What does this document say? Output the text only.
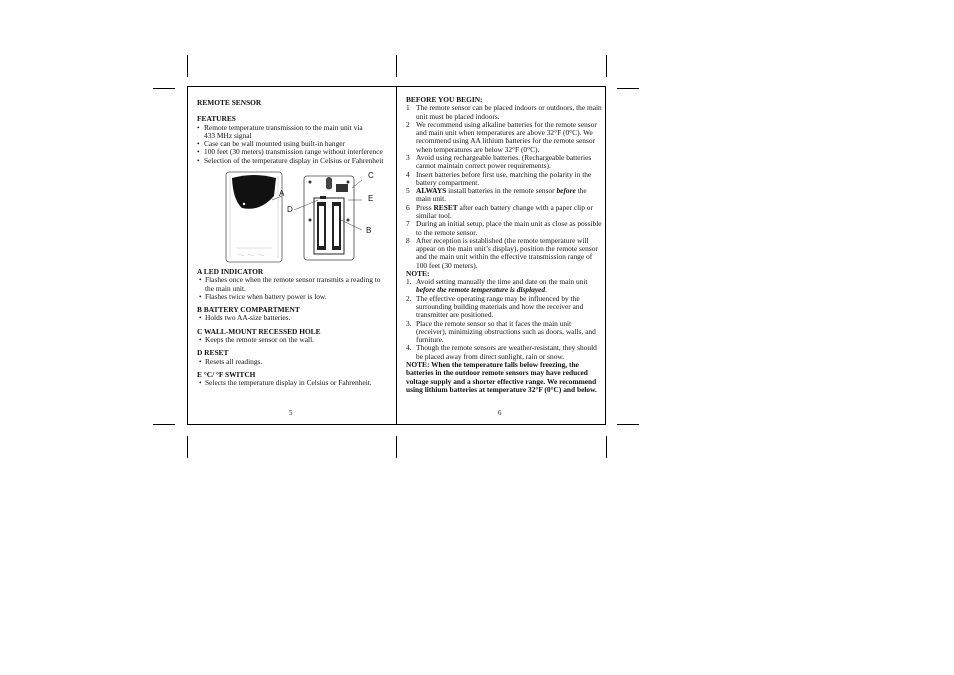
REMOTE SENSOR

FEATURES

• Remote temperature transmission to the main unit via 433 MHz signal
• Case can be wall mounted using built-in hanger
• 100 feet (30 meters) transmission range without interference
• Selection of the temperature display in Celsius or Fahrenheit
A
C
E
D
B

A LED INDICATOR

• Flashes once when the remote sensor transmits a reading to the main unit.
• Flashes twice when battery power is low.

B BATTERY COMPARTMENT

• Holds two AA-size batteries.

C WALL-MOUNT RECESSED HOLE

• Keeps the remote sensor on the wall.

D RESET

• Resets all readings.

E °C/ °F SWITCH

• Selects the temperature display in Celsius or Fahrenheit.
5

BEFORE YOU BEGIN:

1 The remote sensor can be placed indoors or outdoors, the main unit must be placed indoors.
2 We recommend using alkaline batteries for the remote sensor and main unit when temperatures are above 32°F (0°C). We recommend using AA lithium batteries for the remote sensor when temperatures are below 32°F (0°C).
3 Avoid using rechargeable batteries. (Rechargeable batteries cannot maintain correct power requirements).
4 Insert batteries before first use, matching the polarity in the battery compartment.
5 ALWAYS install batteries in the remote sensor before the main unit.
6 Press RESET after each battery change with a paper clip or similar tool.
7 During an initial setup, place the main unit as close as possible to the remote sensor.
8 After reception is established (the remote temperature will appear on the main unit’s display), position the remote sensor and the main unit within the effective transmission range of 100 feet (30 meters).

NOTE:

1. Avoid setting manually the time and date on the main unit before the remote temperature is displayed.
2. The effective operating range may be influenced by the surrounding building materials and how the receiver and transmitter are positioned.
3. Place the remote sensor so that it faces the main unit (receiver), minimizing obstructions such as doors, walls, and furniture.
4. Though the remote sensors are weather-resistant, they should be placed away from direct sunlight, rain or snow.

NOTE: When the temperature falls below freezing, the batteries in the outdoor remote sensors may have reduced voltage supply and a shorter effective range. We recommend using lithium batteries at temperature 32°F (0°C) and below.

6
